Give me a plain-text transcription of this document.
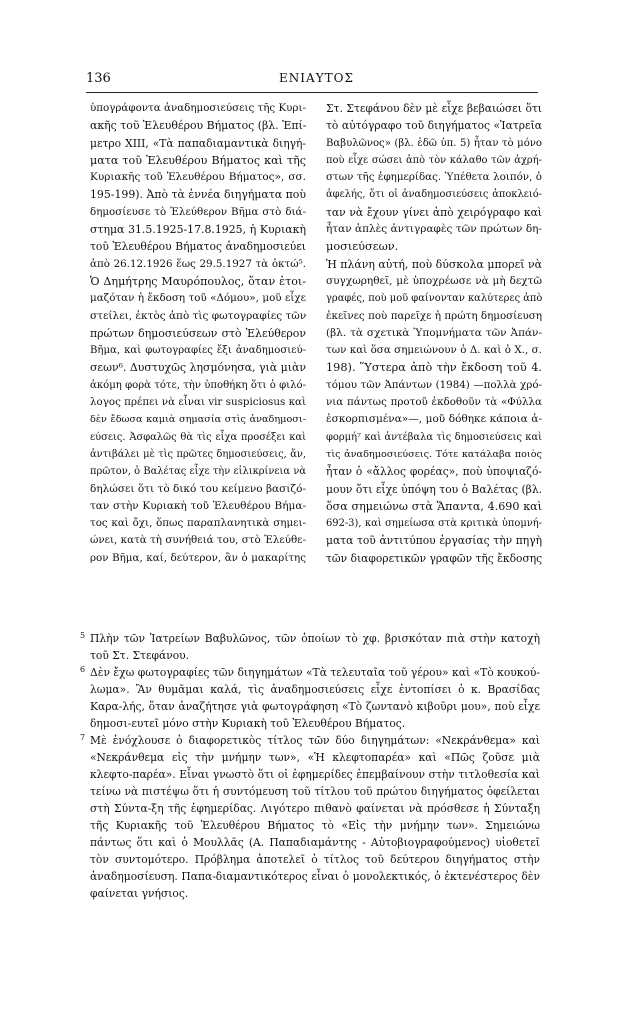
136	ΕΝΙΑΥΤΟΣ

ὑπογράφοντα ἀναδημοσιεύσεις τῆς Κυρι-
ακῆς τοῦ Ἐλευθέρου Βήματος (βλ. Ἐπί-
μετρο XIII, «Τὰ παπαδιαμαντικὰ διηγή-
ματα τοῦ Ἐλευθέρου Βήματος καὶ τῆς
Κυριακῆς τοῦ Ἐλευθέρου Βήματος», σσ.
195-199). Ἀπὸ τὰ ἐννέα διηγήματα ποὺ
δημοσίευσε τὸ Ἐλεύθερον Βῆμα στὸ διά-
στημα 31.5.1925-17.8.1925, ἡ Κυριακὴ
τοῦ Ἐλευθέρου Βήματος ἀναδημοσιεύει
ἀπὸ 26.12.1926 ἕως 29.5.1927 τὰ ὀκτώ⁵.
Ὁ Δημήτρης Μαυρόπουλος, ὅταν ἑτοι-
μαζόταν ἡ ἔκδοση τοῦ «Δόμου», μοῦ εἶχε
στείλει, ἐκτὸς ἀπὸ τὶς φωτογραφίες τῶν
πρώτων δημοσιεύσεων στὸ Ἐλεύθερον
Βῆμα, καὶ φωτογραφίες ἔξι ἀναδημοσιεύ-
σεων⁶. Δυστυχῶς λησμόνησα, γιὰ μιὰν
ἀκόμη φορὰ τότε, τὴν ὑποθήκη ὅτι ὁ φιλό-
λογος πρέπει νὰ εἶναι vir suspiciosus καὶ
δὲν ἔδωσα καμιὰ σημασία στὶς ἀναδημοσι-
εύσεις. Ἀσφαλῶς θὰ τὶς εἶχα προσέξει καὶ
ἀντιβάλει μὲ τὶς πρῶτες δημοσιεύσεις, ἄν,
πρῶτον, ὁ Βαλέτας εἶχε τὴν εἰλικρίνεια νὰ
δηλώσει ὅτι τὸ δικό του κείμενο βασιζό-
ταν στὴν Κυριακὴ τοῦ Ἐλευθέρου Βήμα-
τος καὶ ὄχι, ὅπως παραπλανητικὰ σημει-
ώνει, κατὰ τὴ συνήθειά του, στὸ Ἐλεύθε-
ρον Βῆμα, καί, δεύτερον, ἂν ὁ μακαρίτης

Στ. Στεφάνου δὲν μὲ εἶχε βεβαιώσει ὅτι
τὸ αὐτόγραφο τοῦ διηγήματος «Ἰατρεῖα
Βαβυλῶνος» (βλ. ἐδῶ ὑπ. 5) ἦταν τὸ μόνο
ποὺ εἶχε σώσει ἀπὸ τὸν κάλαθο τῶν ἀχρή-
στων τῆς ἐφημερίδας. Ὑπέθετα λοιπόν, ὁ
ἀφελής, ὅτι οἱ ἀναδημοσιεύσεις ἀποκλειό-
ταν νὰ ἔχουν γίνει ἀπὸ χειρόγραφο καὶ
ἦταν ἁπλὲς ἀντιγραφὲς τῶν πρώτων δη-
μοσιεύσεων.
Ἡ πλάνη αὐτή, ποὺ δύσκολα μπορεῖ νὰ
συγχωρηθεῖ, μὲ ὑποχρέωσε νὰ μὴ δεχτῶ
γραφές, ποὺ μοῦ φαίνονταν καλύτερες ἀπὸ
ἐκεῖνες ποὺ παρεῖχε ἡ πρώτη δημοσίευση
(βλ. τὰ σχετικὰ Ὑπομνήματα τῶν Ἀπάν-
των καὶ ὅσα σημειώνουν ὁ Δ. καὶ ὁ Χ., σ.
198). Ὕστερα ἀπὸ τὴν ἔκδοση τοῦ 4.
τόμου τῶν Ἀπάντων (1984) —πολλὰ χρό-
νια πάντως προτοῦ ἐκδοθοῦν τὰ «Φύλλα
ἐσκορπισμένα»—, μοῦ δόθηκε κάποια ἀ-
φορμή⁷ καὶ ἀντέβαλα τὶς δημοσιεύσεις καὶ
τὶς ἀναδημοσιεύσεις. Τότε κατάλαβα ποιὸς
ἦταν ὁ «ἄλλος φορέας», ποὺ ὑποψιαζό-
μουν ὅτι εἶχε ὑπόψη του ὁ Βαλέτας (βλ.
ὅσα σημειώνω στὰ Ἅπαντα, 4.690 καὶ
692-3), καὶ σημείωσα στὰ κριτικὰ ὑπομνή-
ματα τοῦ ἀντιτύπου ἐργασίας τὴν πηγὴ
τῶν διαφορετικῶν γραφῶν τῆς ἔκδοσης

5 Πλὴν τῶν Ἰατρείων Βαβυλῶνος, τῶν ὁποίων τὸ χφ. βρισκόταν πιὰ στὴν κατοχὴ τοῦ Στ. Στεφάνου.
6 Δὲν ἔχω φωτογραφίες τῶν διηγημάτων «Τὰ τελευταῖα τοῦ γέρου» καὶ «Τὸ κουκού-λωμα». Ἂν θυμᾶμαι καλά, τὶς ἀναδημοσιεύσεις εἶχε ἐντοπίσει ὁ κ. Βρασίδας Καρα-λής, ὅταν ἀναζήτησε γιὰ φωτογράφηση «Τὸ ζωντανὸ κιβοῦρι μου», ποὺ εἶχε δημοσι-ευτεῖ μόνο στὴν Κυριακὴ τοῦ Ἐλευθέρου Βήματος.
7 Μὲ ἐνόχλουσε ὁ διαφορετικὸς τίτλος τῶν δύο διηγημάτων: «Νεκράνθεμα» καὶ «Νεκράνθεμα εἰς τὴν μνήμην των», «Ἡ κλεφτοπαρέα» καὶ «Πῶς ζοῦσε μιὰ κλεφτο-παρέα». Εἶναι γνωστὸ ὅτι οἱ ἐφημερίδες ἐπεμβαίνουν στὴν τιτλοθεσία καὶ τείνω νὰ πιστέψω ὅτι ἡ συντόμευση τοῦ τίτλου τοῦ πρώτου διηγήματος ὀφείλεται στὴ Σύντα-ξη τῆς ἐφημερίδας. Λιγότερο πιθανὸ φαίνεται νὰ πρόσθεσε ἡ Σύνταξη τῆς Κυριακῆς τοῦ Ἐλευθέρου Βήματος τὸ «Εἰς τὴν μνήμην των». Σημειώνω πάντως ὅτι καὶ ὁ Μουλλᾶς (Α. Παπαδιαμάντης - Αὐτοβιογραφούμενος) υἱοθετεῖ τὸν συντομότερο. Πρόβλημα ἀποτελεῖ ὁ τίτλος τοῦ δεύτερου διηγήματος στὴν ἀναδημοσίευση. Παπα-διαμαντικότερος εἶναι ὁ μονολεκτικός, ὁ ἐκτενέστερος δὲν φαίνεται γνήσιος.
